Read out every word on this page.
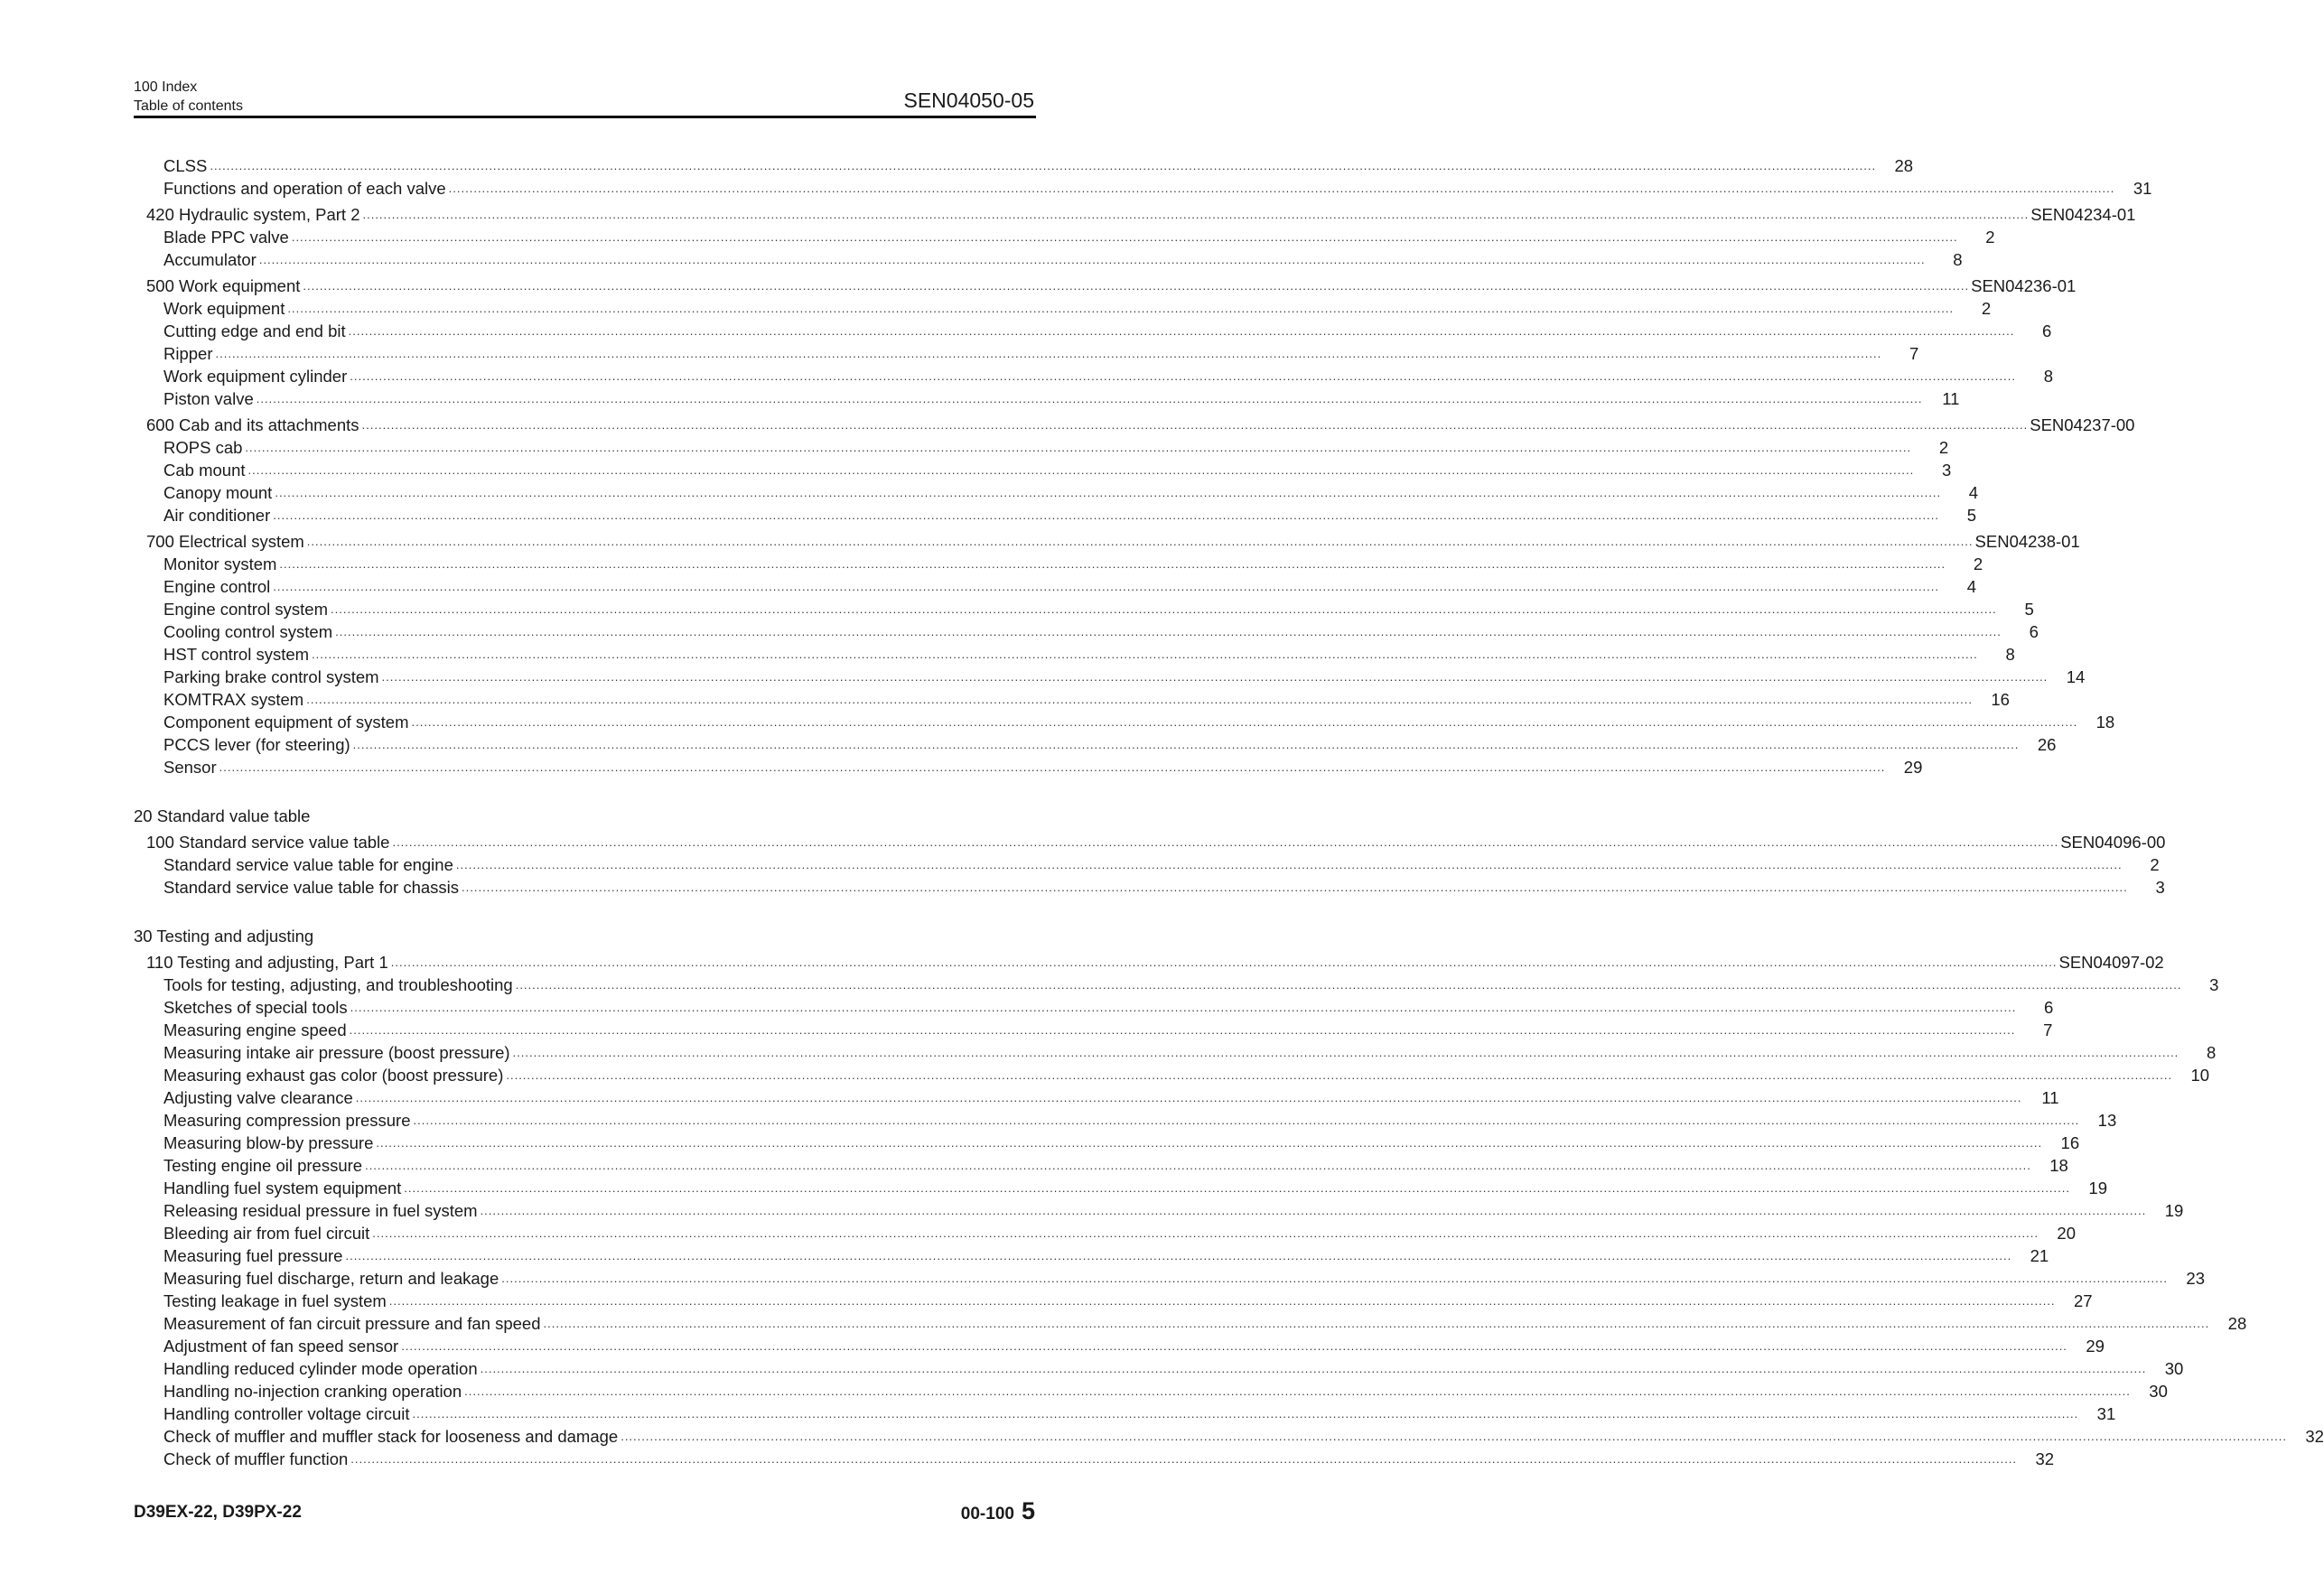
100 Index
Table of contents	SEN04050-05
CLSS ................................................................................................................................................................................................................................................................................................................................................................................................................	28
Functions and operation of each valve ................................................................................................................................................................................................................................................................................................................................................................................................................	31
420 Hydraulic system, Part 2 ................................................................................................................................................................................................................................................................................................................................................................................................................ SEN04234-01
Blade PPC valve ................................................................................................................................................................................................................................................................................................................................................................................................................	2
Accumulator ................................................................................................................................................................................................................................................................................................................................................................................................................	8
500 Work equipment ................................................................................................................................................................................................................................................................................................................................................................................................................ SEN04236-01
Work equipment ................................................................................................................................................................................................................................................................................................................................................................................................................	2
Cutting edge and end bit ................................................................................................................................................................................................................................................................................................................................................................................................................	6
Ripper ................................................................................................................................................................................................................................................................................................................................................................................................................	7
Work equipment cylinder ................................................................................................................................................................................................................................................................................................................................................................................................................	8
Piston valve ................................................................................................................................................................................................................................................................................................................................................................................................................	11
600 Cab and its attachments ................................................................................................................................................................................................................................................................................................................................................................................................................ SEN04237-00
ROPS cab ................................................................................................................................................................................................................................................................................................................................................................................................................	2
Cab mount ................................................................................................................................................................................................................................................................................................................................................................................................................	3
Canopy mount ................................................................................................................................................................................................................................................................................................................................................................................................................	4
Air conditioner ................................................................................................................................................................................................................................................................................................................................................................................................................	5
700 Electrical system ................................................................................................................................................................................................................................................................................................................................................................................................................ SEN04238-01
Monitor system ................................................................................................................................................................................................................................................................................................................................................................................................................	2
Engine control ................................................................................................................................................................................................................................................................................................................................................................................................................	4
Engine control system ................................................................................................................................................................................................................................................................................................................................................................................................................	5
Cooling control system ................................................................................................................................................................................................................................................................................................................................................................................................................	6
HST control system ................................................................................................................................................................................................................................................................................................................................................................................................................	8
Parking brake control system ................................................................................................................................................................................................................................................................................................................................................................................................................	14
KOMTRAX system ................................................................................................................................................................................................................................................................................................................................................................................................................	16
Component equipment of system ................................................................................................................................................................................................................................................................................................................................................................................................................	18
PCCS lever (for steering) ................................................................................................................................................................................................................................................................................................................................................................................................................	26
Sensor ................................................................................................................................................................................................................................................................................................................................................................................................................	29
20 Standard value table
100 Standard service value table ................................................................................................................................................................................................................................................................................................................................................................................................................ SEN04096-00
Standard service value table for engine ................................................................................................................................................................................................................................................................................................................................................................................................................	2
Standard service value table for chassis ................................................................................................................................................................................................................................................................................................................................................................................................................	3
30 Testing and adjusting
110 Testing and adjusting, Part 1 ................................................................................................................................................................................................................................................................................................................................................................................................................ SEN04097-02
Tools for testing, adjusting, and troubleshooting ................................................................................................................................................................................................................................................................................................................................................................................................................	3
Sketches of special tools ................................................................................................................................................................................................................................................................................................................................................................................................................	6
Measuring engine speed ................................................................................................................................................................................................................................................................................................................................................................................................................	7
Measuring intake air pressure (boost pressure) ................................................................................................................................................................................................................................................................................................................................................................................................................	8
Measuring exhaust gas color (boost pressure) ................................................................................................................................................................................................................................................................................................................................................................................................................	10
Adjusting valve clearance ................................................................................................................................................................................................................................................................................................................................................................................................................	11
Measuring compression pressure ................................................................................................................................................................................................................................................................................................................................................................................................................	13
Measuring blow-by pressure ................................................................................................................................................................................................................................................................................................................................................................................................................	16
Testing engine oil pressure ................................................................................................................................................................................................................................................................................................................................................................................................................	18
Handling fuel system equipment ................................................................................................................................................................................................................................................................................................................................................................................................................	19
Releasing residual pressure in fuel system ................................................................................................................................................................................................................................................................................................................................................................................................................	19
Bleeding air from fuel circuit ................................................................................................................................................................................................................................................................................................................................................................................................................	20
Measuring fuel pressure ................................................................................................................................................................................................................................................................................................................................................................................................................	21
Measuring fuel discharge, return and leakage ................................................................................................................................................................................................................................................................................................................................................................................................................	23
Testing leakage in fuel system ................................................................................................................................................................................................................................................................................................................................................................................................................	27
Measurement of fan circuit pressure and fan speed ................................................................................................................................................................................................................................................................................................................................................................................................................	28
Adjustment of fan speed sensor ................................................................................................................................................................................................................................................................................................................................................................................................................	29
Handling reduced cylinder mode operation ................................................................................................................................................................................................................................................................................................................................................................................................................	30
Handling no-injection cranking operation ................................................................................................................................................................................................................................................................................................................................................................................................................	30
Handling controller voltage circuit ................................................................................................................................................................................................................................................................................................................................................................................................................	31
Check of muffler and muffler stack for looseness and damage ................................................................................................................................................................................................................................................................................................................................................................................................................	32
Check of muffler function ................................................................................................................................................................................................................................................................................................................................................................................................................	32
D39EX-22, D39PX-22	00-100 5
